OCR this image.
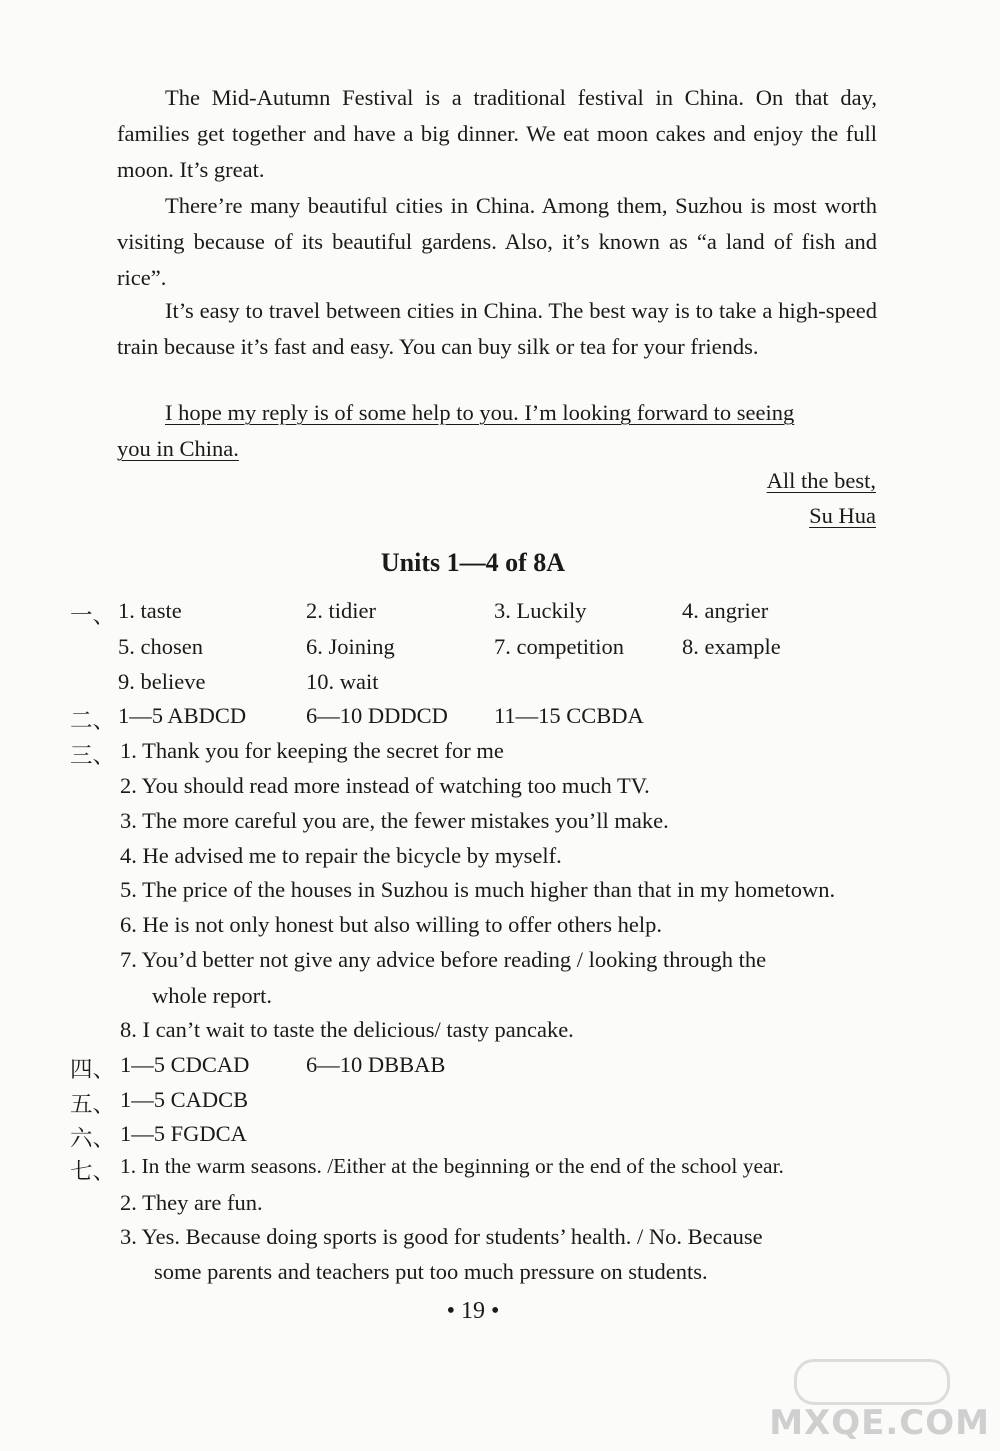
The Mid-Autumn Festival is a traditional festival in China. On that day, families get together and have a big dinner. We eat moon cakes and enjoy the full moon. It’s great.
There’re many beautiful cities in China. Among them, Suzhou is most worth visiting because of its beautiful gardens. Also, it’s known as “a land of fish and rice”.
It’s easy to travel between cities in China. The best way is to take a high-speed train because it’s fast and easy. You can buy silk or tea for your friends.
I hope my reply is of some help to you. I’m looking forward to seeing
you in China.
All the best,
Su Hua
Units 1—4 of 8A
一、 1. taste	2. tidier	3. Luckily	4. angrier
5. chosen	6. Joining	7. competition	8. example
9. believe	10. wait
二、 1—5 ABDCD	6—10 DDDCD 11—15 CCBDA
三、 1. Thank you for keeping the secret for me
2. You should read more instead of watching too much TV.
3. The more careful you are, the fewer mistakes you’ll make.
4. He advised me to repair the bicycle by myself.
5. The price of the houses in Suzhou is much higher than that in my hometown.
6. He is not only honest but also willing to offer others help.
7. You’d better not give any advice before reading / looking through the
whole report.
8. I can’t wait to taste the delicious/ tasty pancake.
四、 1—5 CDCAD	6—10 DBBAB
五、 1—5 CADCB
六、 1—5 FGDCA
七、 1. In the warm seasons. /Either at the beginning or the end of the school year.
2. They are fun.
3. Yes. Because doing sports is good for students’ health. / No. Because
some parents and teachers put too much pressure on students.
• 19 •
MXQE.COM
